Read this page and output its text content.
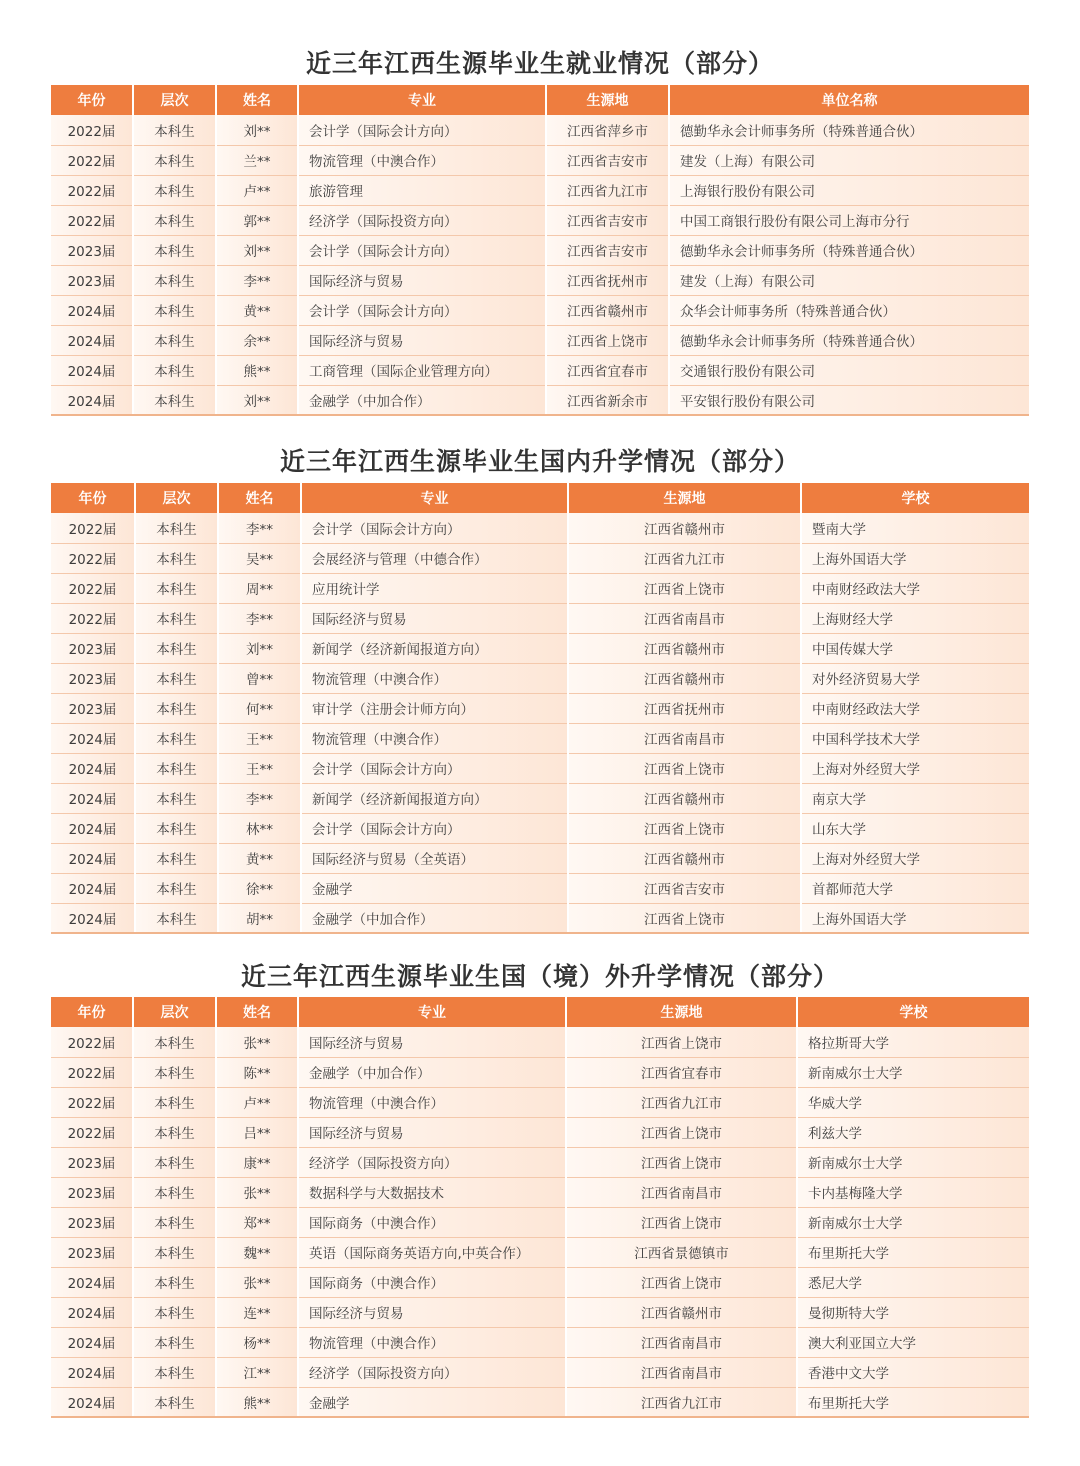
近三年江西生源毕业生就业情况（部分）
年份	层次	姓名	专业	生源地	单位名称
2022届	本科生	刘**	会计学（国际会计方向）	江西省萍乡市	德勤华永会计师事务所（特殊普通合伙）
2022届	本科生	兰**	物流管理（中澳合作）	江西省吉安市	建发（上海）有限公司
2022届	本科生	卢**	旅游管理	江西省九江市	上海银行股份有限公司
2022届	本科生	郭**	经济学（国际投资方向）	江西省吉安市	中国工商银行股份有限公司上海市分行
2023届	本科生	刘**	会计学（国际会计方向）	江西省吉安市	德勤华永会计师事务所（特殊普通合伙）
2023届	本科生	李**	国际经济与贸易	江西省抚州市	建发（上海）有限公司
2024届	本科生	黄**	会计学（国际会计方向）	江西省赣州市	众华会计师事务所（特殊普通合伙）
2024届	本科生	余**	国际经济与贸易	江西省上饶市	德勤华永会计师事务所（特殊普通合伙）
2024届	本科生	熊**	工商管理（国际企业管理方向）	江西省宜春市	交通银行股份有限公司
2024届	本科生	刘**	金融学（中加合作）	江西省新余市	平安银行股份有限公司
近三年江西生源毕业生国内升学情况（部分）
年份	层次	姓名	专业	生源地	学校
2022届	本科生	李**	会计学（国际会计方向）	江西省赣州市	暨南大学
2022届	本科生	吴**	会展经济与管理（中德合作）	江西省九江市	上海外国语大学
2022届	本科生	周**	应用统计学	江西省上饶市	中南财经政法大学
2022届	本科生	李**	国际经济与贸易	江西省南昌市	上海财经大学
2023届	本科生	刘**	新闻学（经济新闻报道方向）	江西省赣州市	中国传媒大学
2023届	本科生	曾**	物流管理（中澳合作）	江西省赣州市	对外经济贸易大学
2023届	本科生	何**	审计学（注册会计师方向）	江西省抚州市	中南财经政法大学
2024届	本科生	王**	物流管理（中澳合作）	江西省南昌市	中国科学技术大学
2024届	本科生	王**	会计学（国际会计方向）	江西省上饶市	上海对外经贸大学
2024届	本科生	李**	新闻学（经济新闻报道方向）	江西省赣州市	南京大学
2024届	本科生	林**	会计学（国际会计方向）	江西省上饶市	山东大学
2024届	本科生	黄**	国际经济与贸易（全英语）	江西省赣州市	上海对外经贸大学
2024届	本科生	徐**	金融学	江西省吉安市	首都师范大学
2024届	本科生	胡**	金融学（中加合作）	江西省上饶市	上海外国语大学
近三年江西生源毕业生国（境）外升学情况（部分）
年份	层次	姓名	专业	生源地	学校
2022届	本科生	张**	国际经济与贸易	江西省上饶市	格拉斯哥大学
2022届	本科生	陈**	金融学（中加合作）	江西省宜春市	新南威尔士大学
2022届	本科生	卢**	物流管理（中澳合作）	江西省九江市	华威大学
2022届	本科生	吕**	国际经济与贸易	江西省上饶市	利兹大学
2023届	本科生	康**	经济学（国际投资方向）	江西省上饶市	新南威尔士大学
2023届	本科生	张**	数据科学与大数据技术	江西省南昌市	卡内基梅隆大学
2023届	本科生	郑**	国际商务（中澳合作）	江西省上饶市	新南威尔士大学
2023届	本科生	魏**	英语（国际商务英语方向,中英合作）	江西省景德镇市	布里斯托大学
2024届	本科生	张**	国际商务（中澳合作）	江西省上饶市	悉尼大学
2024届	本科生	连**	国际经济与贸易	江西省赣州市	曼彻斯特大学
2024届	本科生	杨**	物流管理（中澳合作）	江西省南昌市	澳大利亚国立大学
2024届	本科生	江**	经济学（国际投资方向）	江西省南昌市	香港中文大学
2024届	本科生	熊**	金融学	江西省九江市	布里斯托大学
